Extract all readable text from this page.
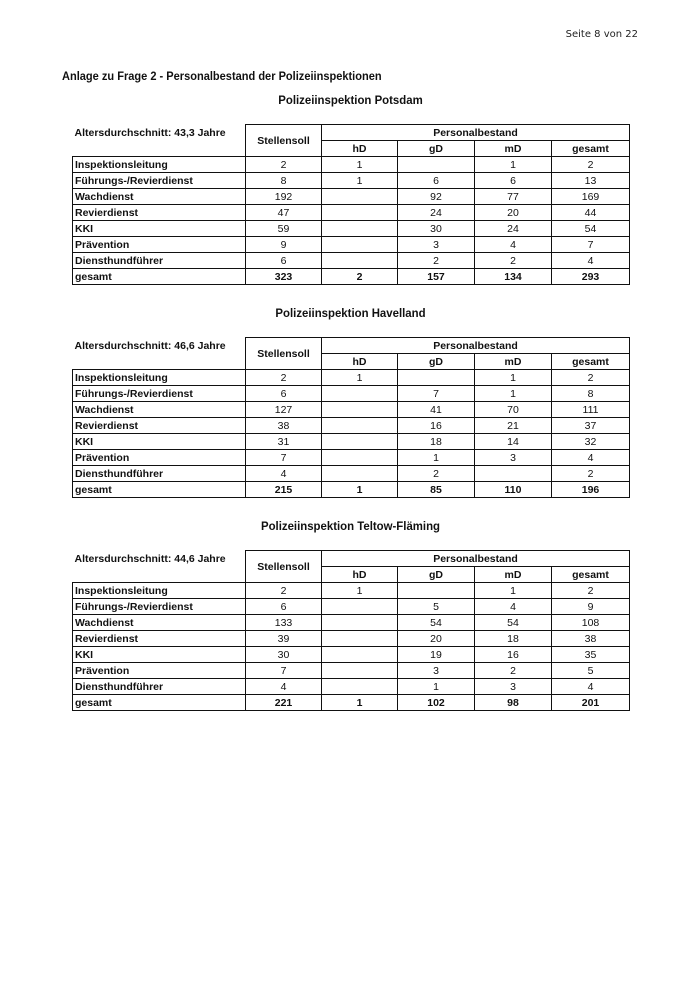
Seite 8 von 22
Anlage zu Frage 2 - Personalbestand der Polizeiinspektionen
Polizeiinspektion Potsdam
Altersdurchschnitt: 43,3 Jahre	Stellensoll	Personalbestand			
		hD	gD	mD	gesamt
Inspektionsleitung	2	1		1	2
Führungs-/Revierdienst	8	1	6	6	13
Wachdienst	192		92	77	169
Revierdienst	47		24	20	44
KKI	59		30	24	54
Prävention	9		3	4	7
Diensthundführer	6		2	2	4
gesamt	323	2	157	134	293
Polizeiinspektion Havelland
Altersdurchschnitt: 46,6 Jahre	Stellensoll	Personalbestand			
		hD	gD	mD	gesamt
Inspektionsleitung	2	1		1	2
Führungs-/Revierdienst	6		7	1	8
Wachdienst	127		41	70	111
Revierdienst	38		16	21	37
KKI	31		18	14	32
Prävention	7		1	3	4
Diensthundführer	4		2		2
gesamt	215	1	85	110	196
Polizeiinspektion Teltow-Fläming
Altersdurchschnitt: 44,6 Jahre	Stellensoll	Personalbestand			
		hD	gD	mD	gesamt
Inspektionsleitung	2	1		1	2
Führungs-/Revierdienst	6		5	4	9
Wachdienst	133		54	54	108
Revierdienst	39		20	18	38
KKI	30		19	16	35
Prävention	7		3	2	5
Diensthundführer	4		1	3	4
gesamt	221	1	102	98	201
